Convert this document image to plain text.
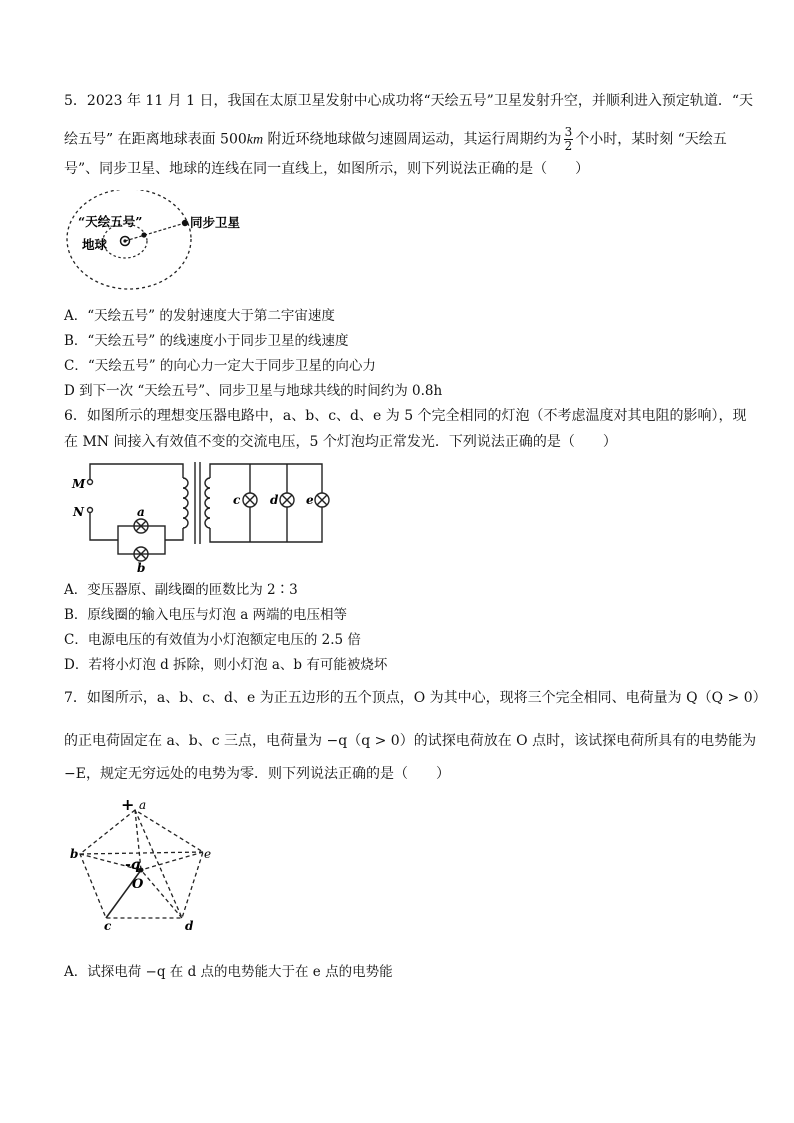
5．2023 年 11 月 1 日，我国在太原卫星发射中心成功将“天绘五号”卫星发射升空，并顺利进入预定轨道．“天
绘五号” 在距离地球表面 500km 附近环绕地球做匀速圆周运动，其运行周期约为 $\frac{3}{2}$ 个小时，某时刻 “天绘五
号”、同步卫星、地球的连线在同一直线上，如图所示，则下列说法正确的是（　　）
“天绘五号”
地球
同步卫星
A．“天绘五号” 的发射速度大于第二宇宙速度
B．“天绘五号” 的线速度小于同步卫星的线速度
C．“天绘五号” 的向心力一定大于同步卫星的向心力
D 到下一次 “天绘五号”、同步卫星与地球共线的时间约为 0.8h
6．如图所示的理想变压器电路中，a、b、c、d、e 为 5 个完全相同的灯泡（不考虑温度对其电阻的影响），现
在 MN 间接入有效值不变的交流电压，5 个灯泡均正常发光．下列说法正确的是（　　）
M
N	a
b
c d e
A．变压器原、副线圈的匝数比为 2∶3
B．原线圈的输入电压与灯泡 a 两端的电压相等
C．电源电压的有效值为小灯泡额定电压的 2.5 倍
D．若将小灯泡 d 拆除，则小灯泡 a、b 有可能被烧坏
7．如图所示，a、b、c、d、e 为正五边形的五个顶点，O 为其中心，现将三个完全相同、电荷量为 Q（Q > 0）
的正电荷固定在 a、b、c 三点，电荷量为 −q（q > 0）的试探电荷放在 O 点时，该试探电荷所具有的电势能为
−E，规定无穷远处的电势为零．则下列说法正确的是（　　）
+ a
b
c	d
e
-q
O
A．试探电荷 −q 在 d 点的电势能大于在 e 点的电势能
